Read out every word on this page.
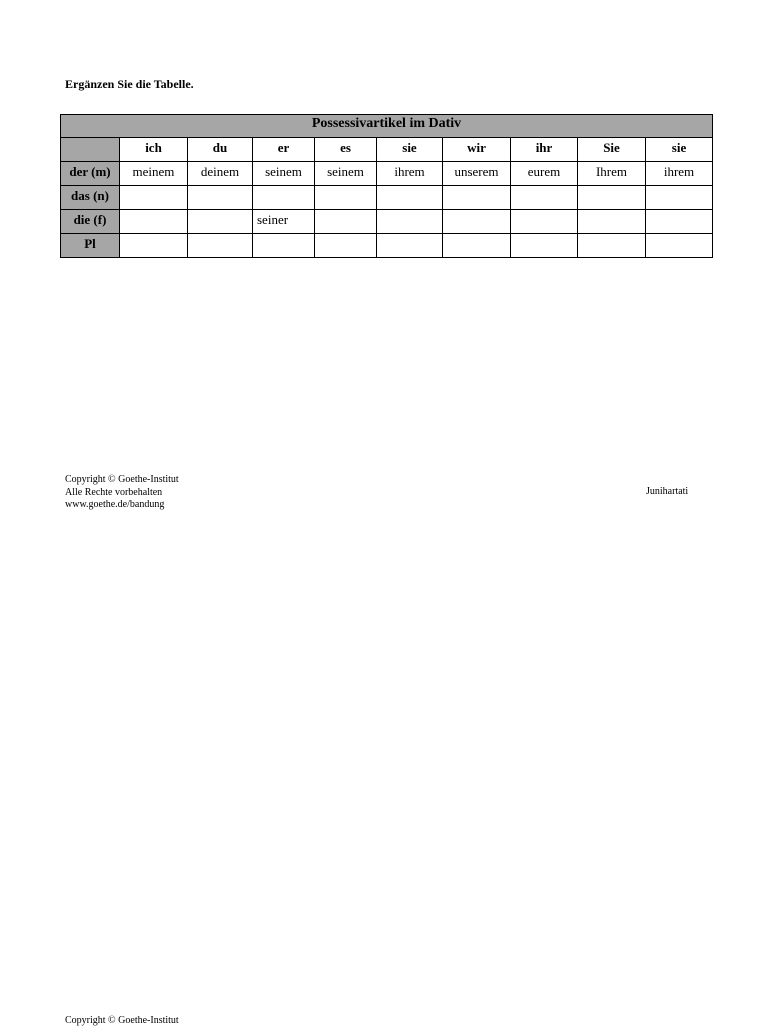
Ergänzen Sie die Tabelle.
Possessivartikel im Dativ									
	ich	du	er	es	sie	wir	ihr	Sie	sie
der (m)	meinem	deinem	seinem	seinem	ihrem	unserem	eurem	Ihrem	ihrem
das (n)									
die (f)			seiner						
Pl									
Copyright © Goethe-Institut
Alle Rechte vorbehalten
www.goethe.de/bandung
Junihartati
Copyright © Goethe-Institut
